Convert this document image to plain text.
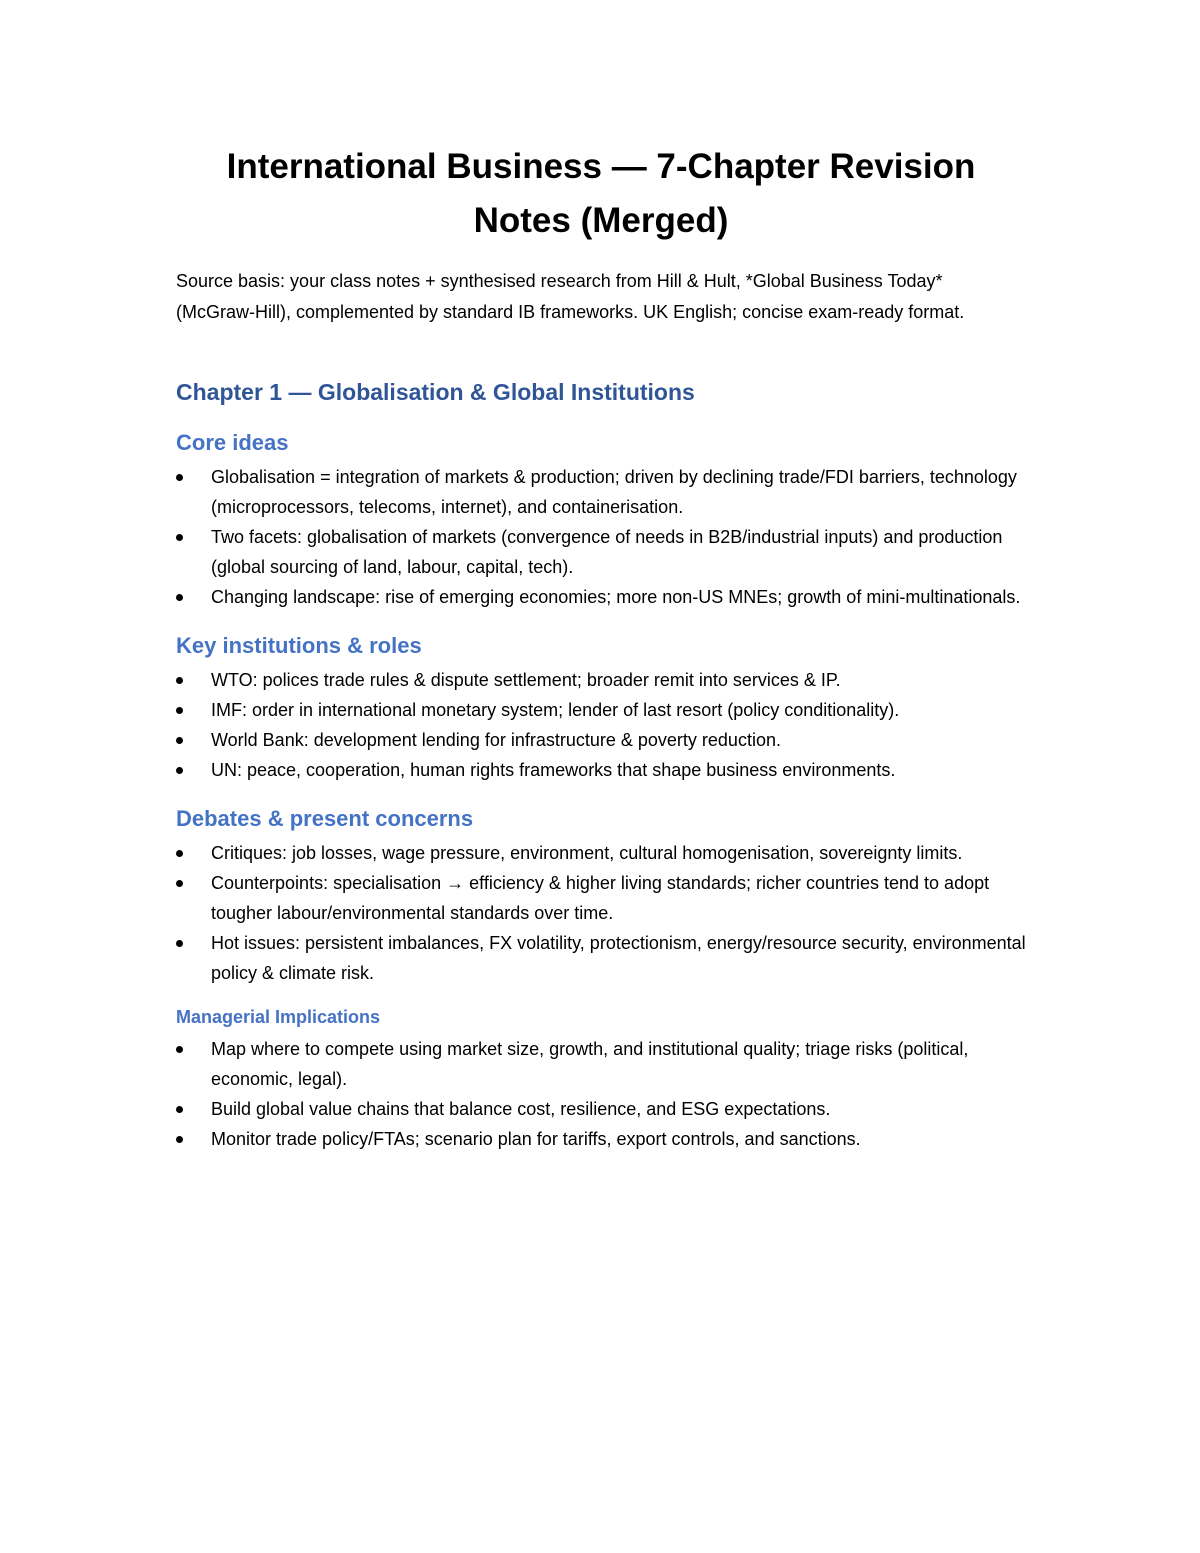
International Business — 7-Chapter Revision Notes (Merged)

Source basis: your class notes + synthesised research from Hill & Hult, *Global Business Today* (McGraw-Hill), complemented by standard IB frameworks. UK English; concise exam-ready format.

Chapter 1 — Globalisation & Global Institutions
Core ideas
Globalisation = integration of markets & production; driven by declining trade/FDI barriers, technology (microprocessors, telecoms, internet), and containerisation.
Two facets: globalisation of markets (convergence of needs in B2B/industrial inputs) and production (global sourcing of land, labour, capital, tech).
Changing landscape: rise of emerging economies; more non-US MNEs; growth of mini-multinationals.
Key institutions & roles
WTO: polices trade rules & dispute settlement; broader remit into services & IP.
IMF: order in international monetary system; lender of last resort (policy conditionality).
World Bank: development lending for infrastructure & poverty reduction.
UN: peace, cooperation, human rights frameworks that shape business environments.
Debates & present concerns
Critiques: job losses, wage pressure, environment, cultural homogenisation, sovereignty limits.
Counterpoints: specialisation → efficiency & higher living standards; richer countries tend to adopt tougher labour/environmental standards over time.
Hot issues: persistent imbalances, FX volatility, protectionism, energy/resource security, environmental policy & climate risk.
Managerial Implications
Map where to compete using market size, growth, and institutional quality; triage risks (political, economic, legal).
Build global value chains that balance cost, resilience, and ESG expectations.
Monitor trade policy/FTAs; scenario plan for tariffs, export controls, and sanctions.
